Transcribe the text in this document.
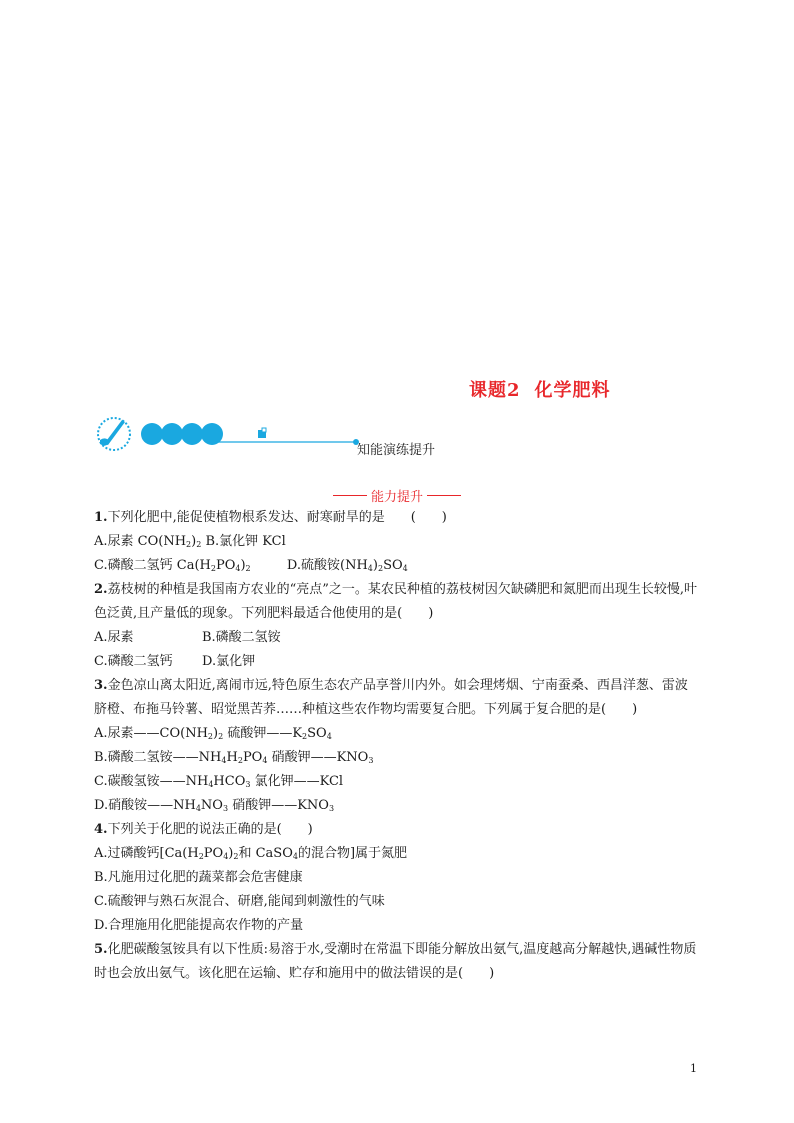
课题2 化学肥料
知能演练提升
能力提升
1.下列化肥中,能促使植物根系发达、耐寒耐旱的是　　 (　　)
A.尿素 $CO(NH_2)_2$ B.氯化钾 KCl
C.磷酸二氢钙 $Ca(H_2PO_4)_2$	D.硫酸铵$(NH_4)_2SO_4$
2.荔枝树的种植是我国南方农业的“亮点”之一。某农民种植的荔枝树因欠缺磷肥和氮肥而出现生长较慢,叶色泛黄,且产量低的现象。下列肥料最适合他使用的是(　　)
A.尿素	B.磷酸二氢铵
C.磷酸二氢钙 D.氯化钾
3.金色凉山离太阳近,离闹市远,特色原生态农产品享誉川内外。如会理烤烟、宁南蚕桑、西昌洋葱、雷波脐橙、布拖马铃薯、昭觉黑苦荞……种植这些农作物均需要复合肥。下列属于复合肥的是(　　)
A.尿素$——CO(NH_2)_2$ 硫酸钾$——K_2SO_4$
B.磷酸二氢铵$——NH_4H_2PO_4$ 硝酸钾$——KNO_3$
C.碳酸氢铵$——NH_4HCO_3$ 氯化钾——KCl
D.硝酸铵$——NH_4NO_3$ 硝酸钾$——KNO_3$
4.下列关于化肥的说法正确的是(　　)
A.过磷酸钙[$Ca(H_2PO_4)_2$和 CaSO$_4$的混合物]属于氮肥
B.凡施用过化肥的蔬菜都会危害健康
C.硫酸钾与熟石灰混合、研磨,能闻到刺激性的气味
D.合理施用化肥能提高农作物的产量
5.化肥碳酸氢铵具有以下性质:易溶于水,受潮时在常温下即能分解放出氨气,温度越高分解越快,遇碱性物质时也会放出氨气。该化肥在运输、贮存和施用中的做法错误的是(　　)
1
